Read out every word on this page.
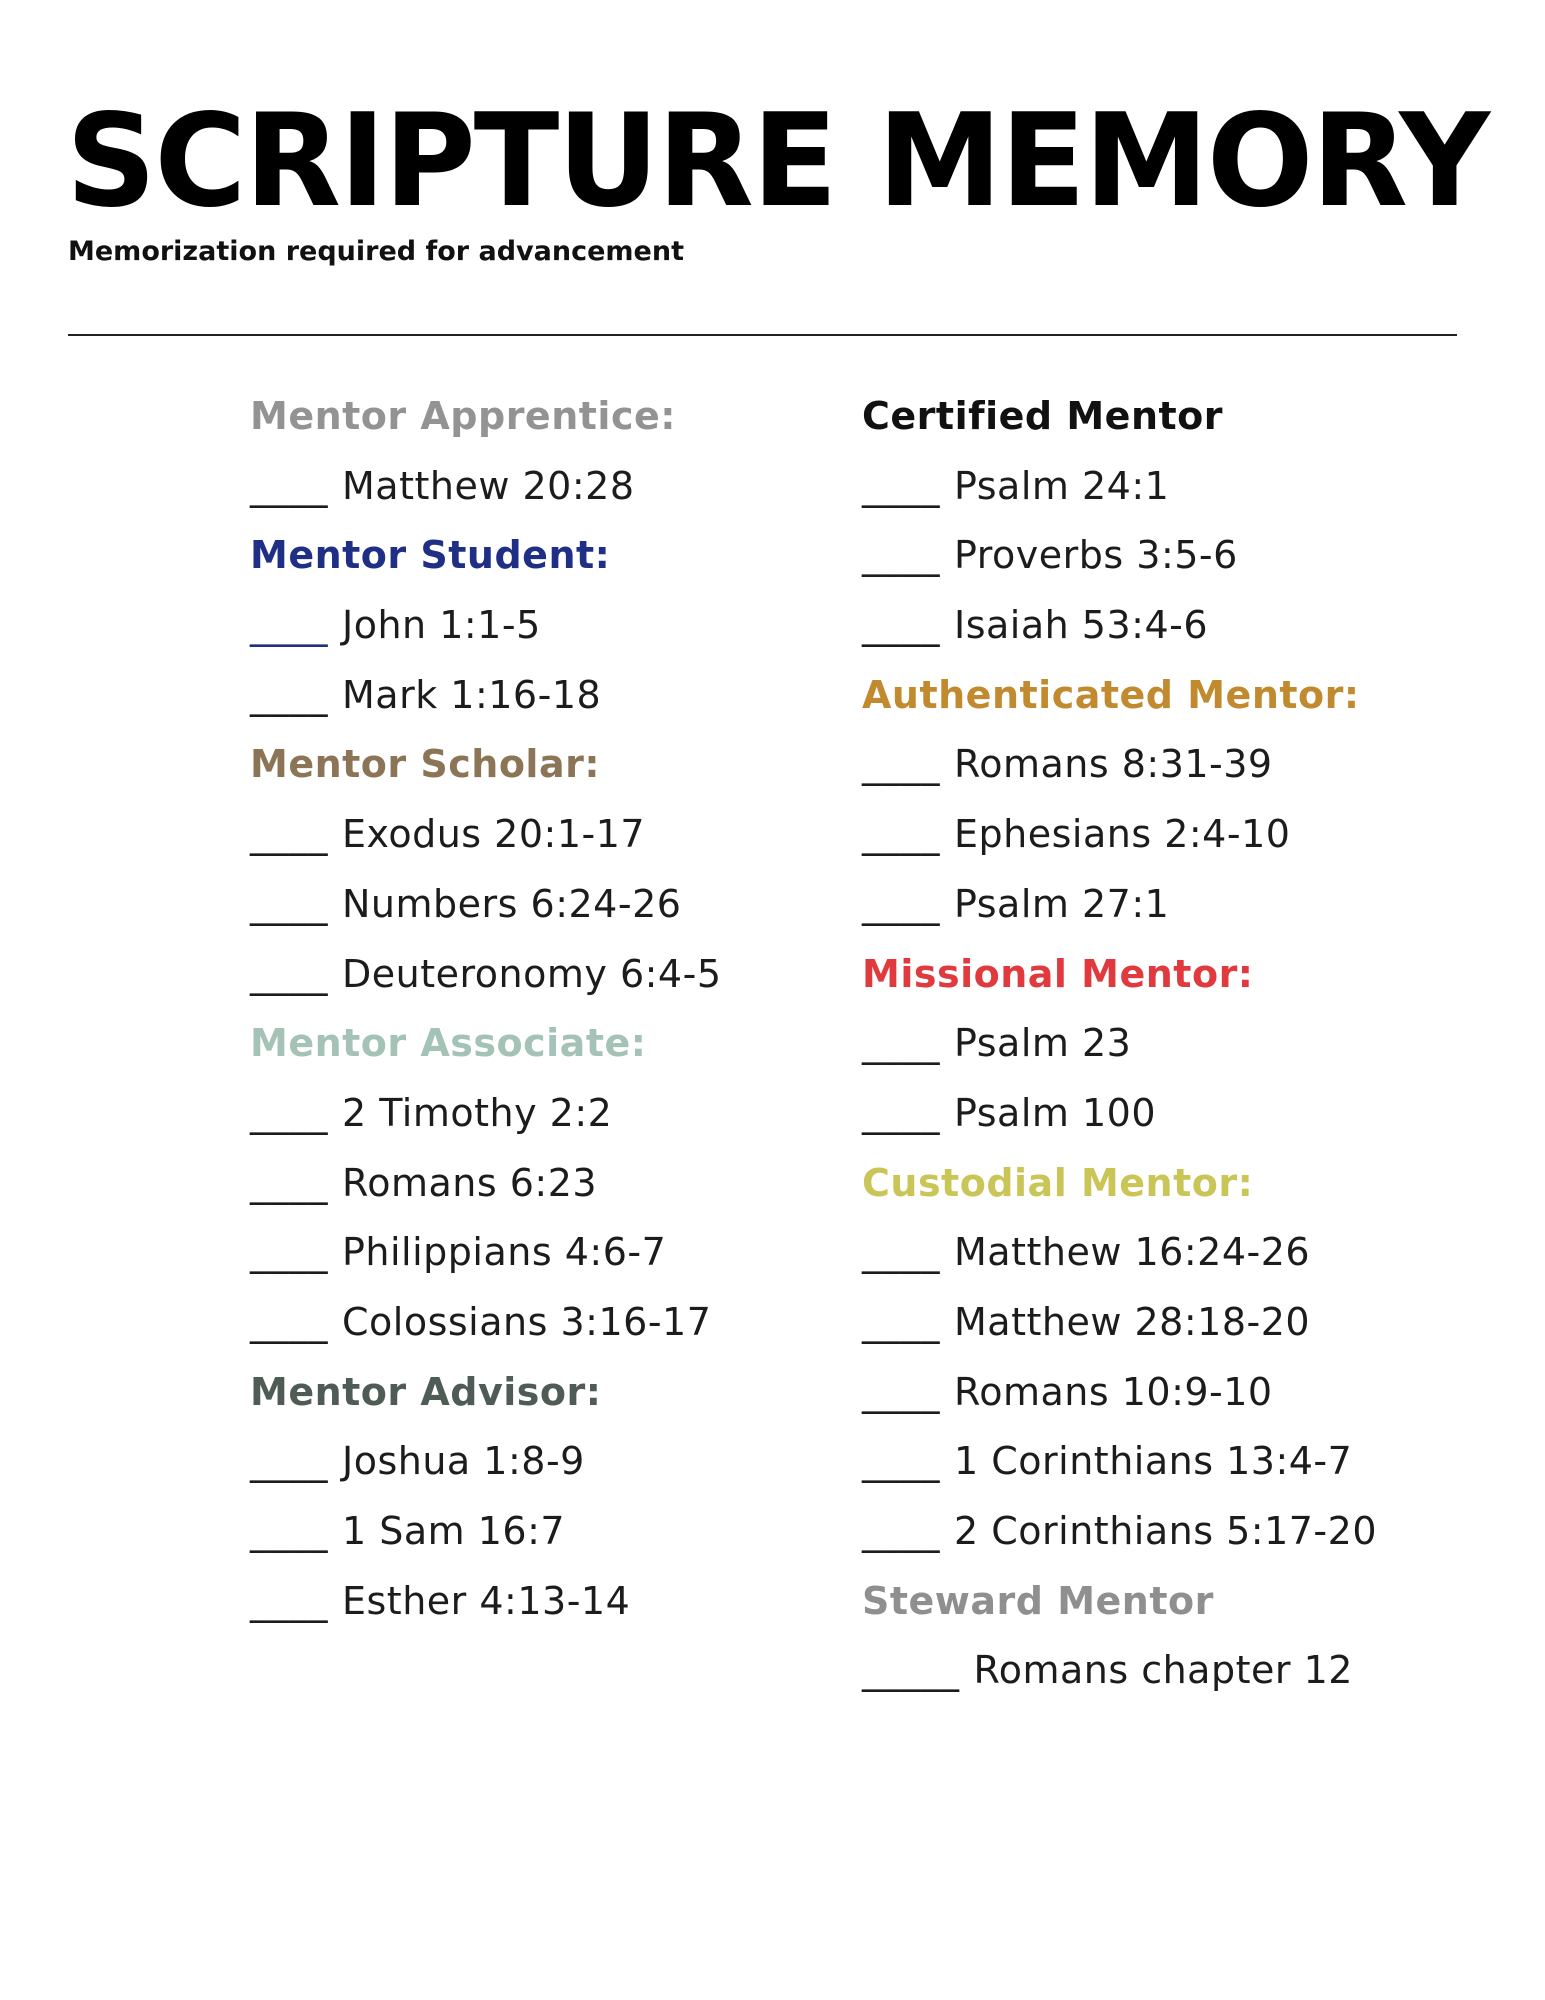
SCRIPTURE MEMORY

Memorization required for advancement

Mentor Apprentice:
____ Matthew 20:28
Mentor Student:
____ John 1:1-5
____ Mark 1:16-18
Mentor Scholar:
____ Exodus 20:1-17
____ Numbers 6:24-26
____ Deuteronomy 6:4-5
Mentor Associate:
____ 2 Timothy 2:2
____ Romans 6:23
____ Philippians 4:6-7
____ Colossians 3:16-17
Mentor Advisor:
____ Joshua 1:8-9
____ 1 Sam 16:7
____ Esther 4:13-14
Certified Mentor
____ Psalm 24:1
____ Proverbs 3:5-6
____ Isaiah 53:4-6
Authenticated Mentor:
____ Romans 8:31-39
____ Ephesians 2:4-10
____ Psalm 27:1
Missional Mentor:
____ Psalm 23
____ Psalm 100
Custodial Mentor:
____ Matthew 16:24-26
____ Matthew 28:18-20
____ Romans 10:9-10
____ 1 Corinthians 13:4-7
____ 2 Corinthians 5:17-20
Steward Mentor
_____ Romans chapter 12
